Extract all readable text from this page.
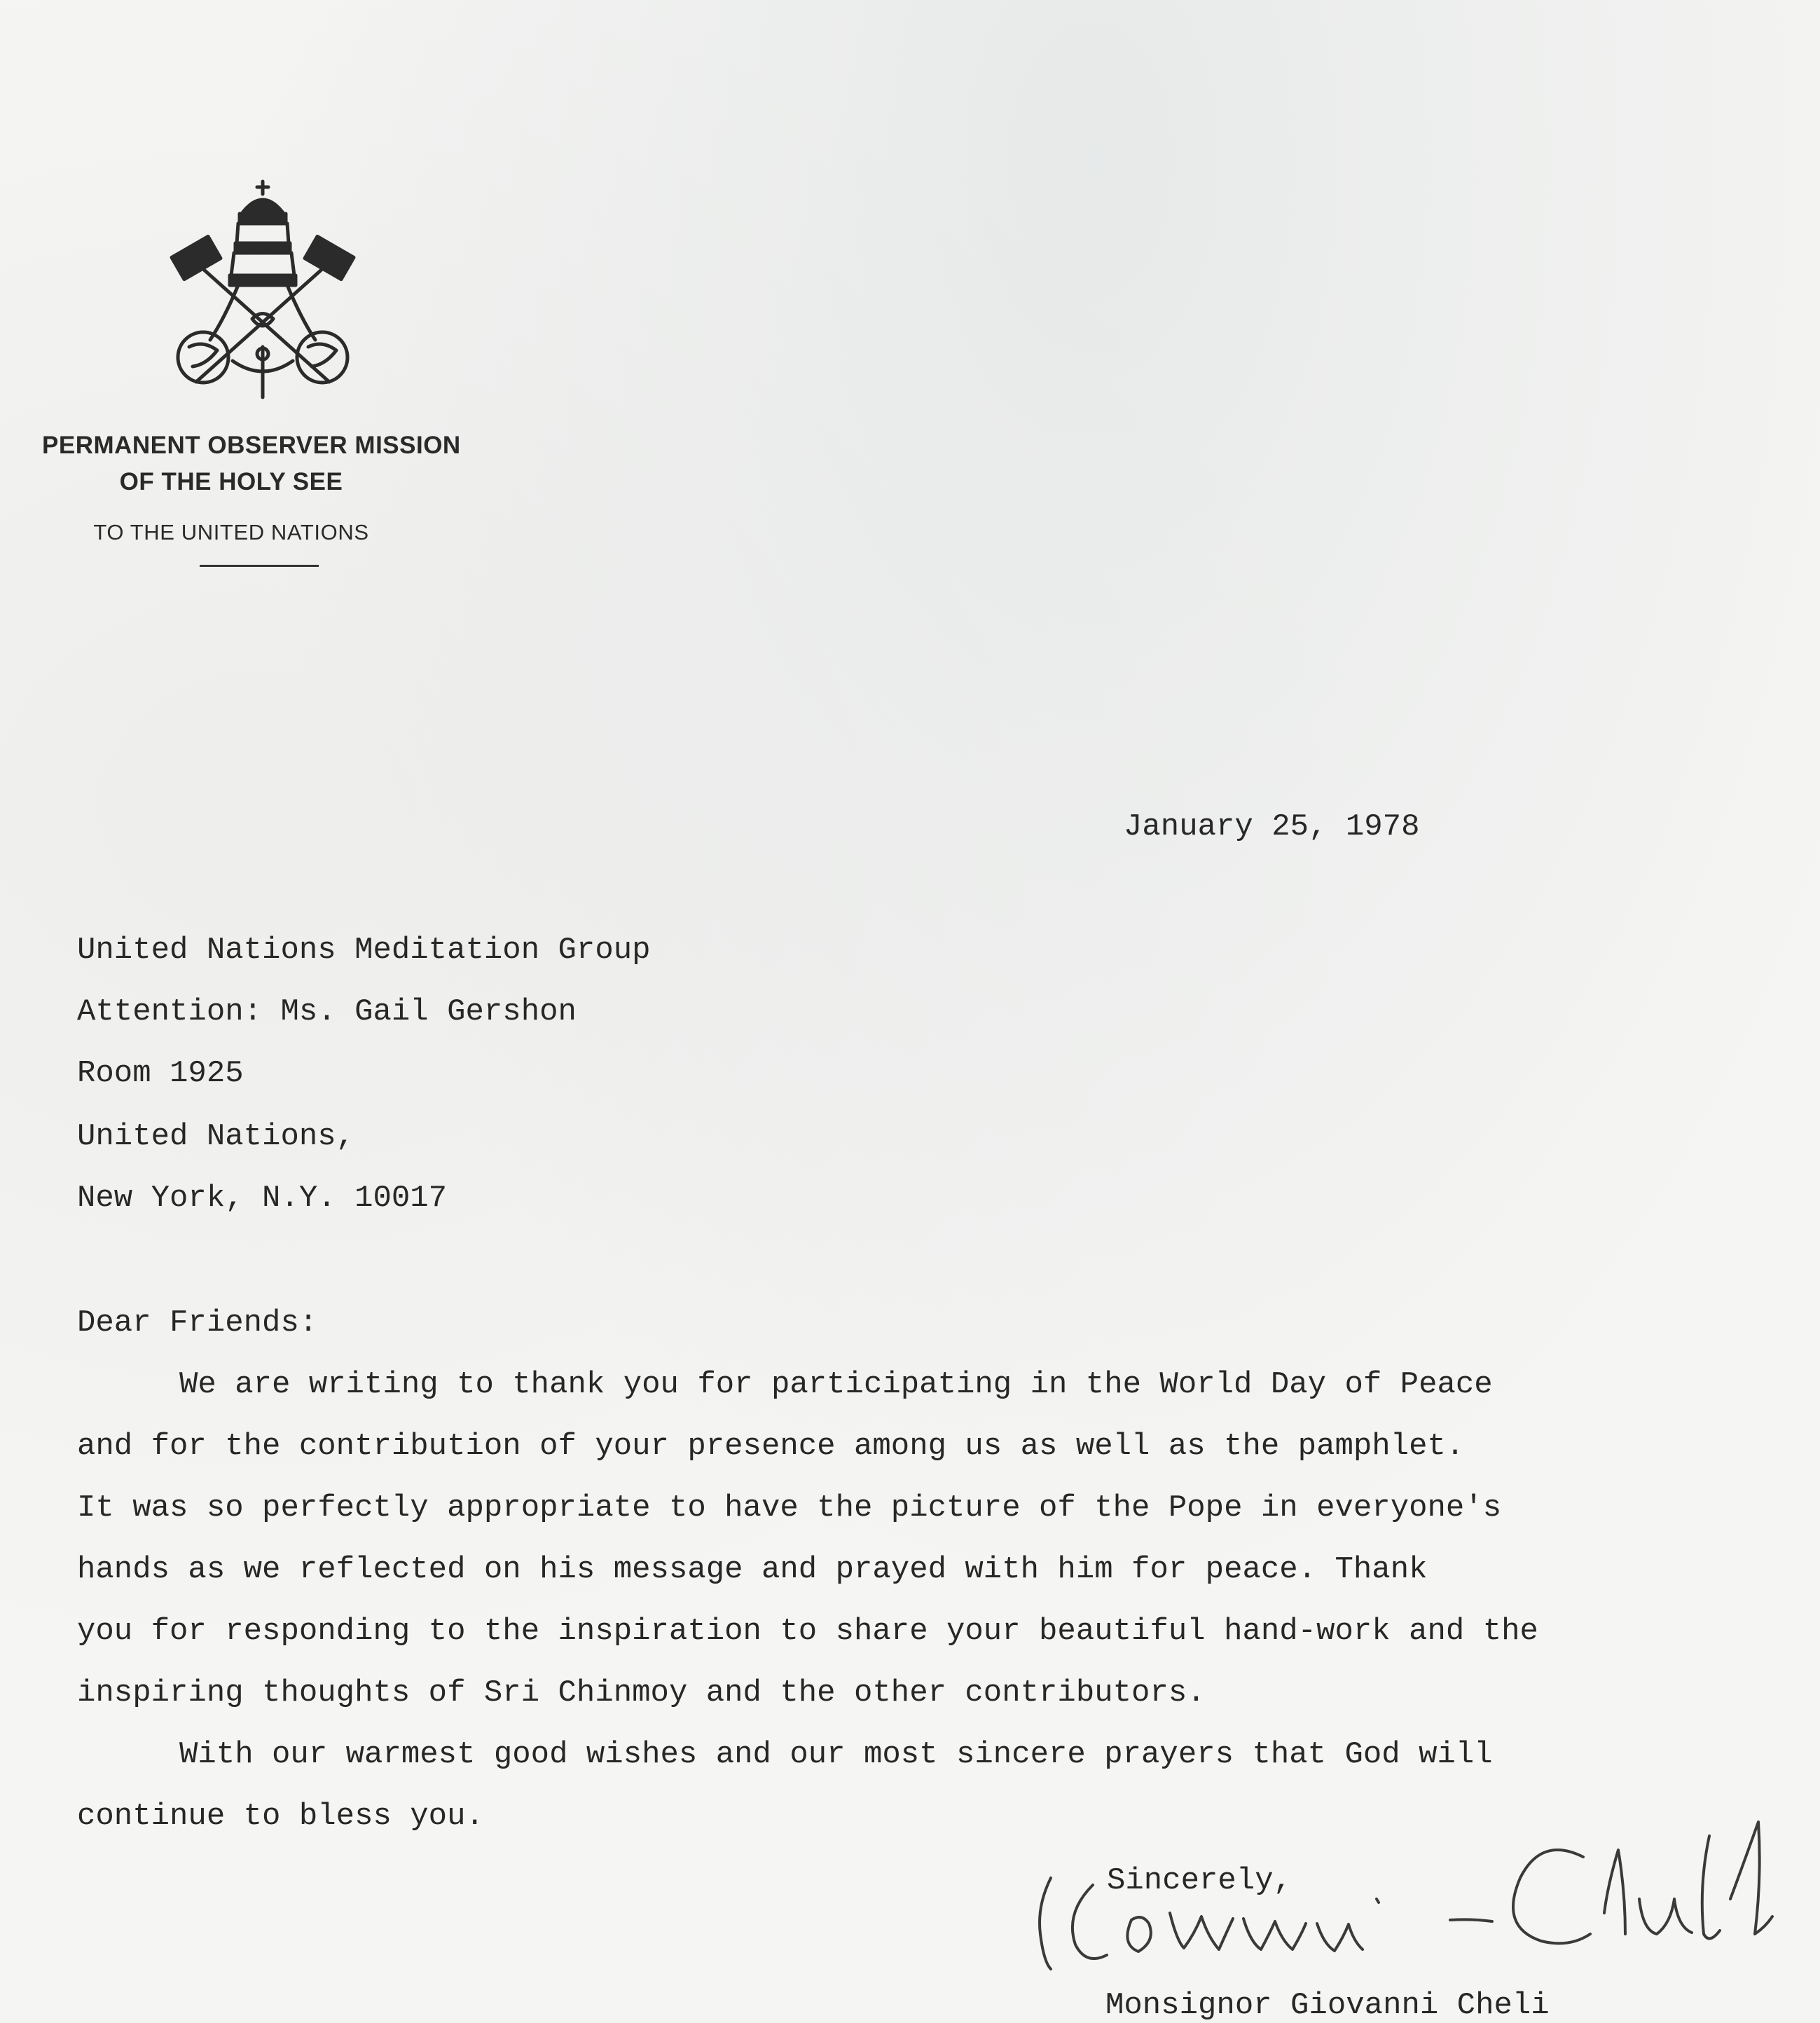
PERMANENT OBSERVER MISSION
OF THE HOLY SEE
TO THE UNITED NATIONS
January 25, 1978
United Nations Meditation Group
Attention: Ms. Gail Gershon
Room 1925
United Nations,
New York, N.Y. 10017
Dear Friends:
We are writing to thank you for participating in the World Day of Peace
and for the contribution of your presence among us as well as the pamphlet.
It was so perfectly appropriate to have the picture of the Pope in everyone's
hands as we reflected on his message and prayed with him for peace. Thank
you for responding to the inspiration to share your beautiful hand-work and the
inspiring thoughts of Sri Chinmoy and the other contributors.
With our warmest good wishes and our most sincere prayers that God will
continue to bless you.
Sincerely,
Monsignor Giovanni Cheli
